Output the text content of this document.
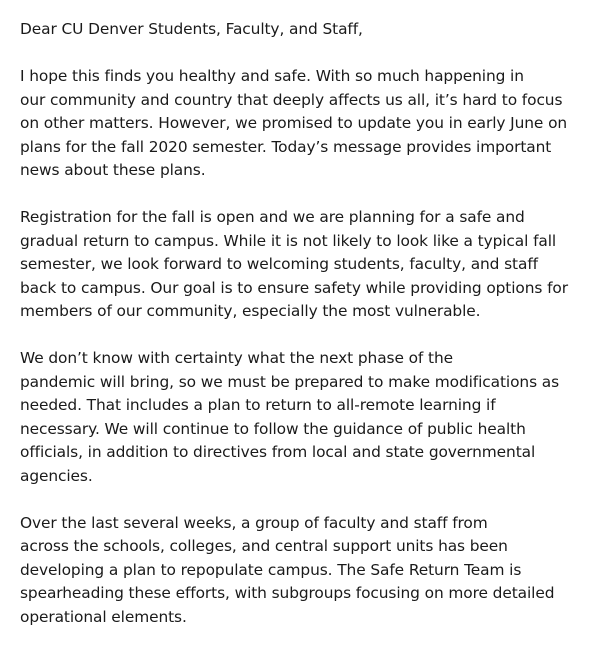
Dear CU Denver Students, Faculty, and Staff,

I hope this finds you healthy and safe. With so much happening in
our community and country that deeply affects us all, it’s hard to focus
on other matters. However, we promised to update you in early June on
plans for the fall 2020 semester. Today’s message provides important
news about these plans.

Registration for the fall is open and we are planning for a safe and
gradual return to campus. While it is not likely to look like a typical fall
semester, we look forward to welcoming students, faculty, and staff
back to campus. Our goal is to ensure safety while providing options for
members of our community, especially the most vulnerable.

We don’t know with certainty what the next phase of the
pandemic will bring, so we must be prepared to make modifications as
needed. That includes a plan to return to all-remote learning if
necessary. We will continue to follow the guidance of public health
officials, in addition to directives from local and state governmental
agencies.

Over the last several weeks, a group of faculty and staff from
across the schools, colleges, and central support units has been
developing a plan to repopulate campus. The Safe Return Team is
spearheading these efforts, with subgroups focusing on more detailed
operational elements.
